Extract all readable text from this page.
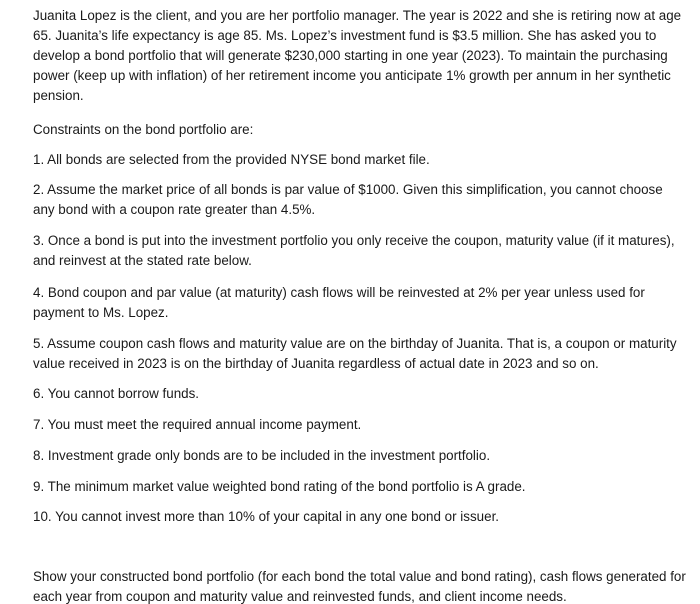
Juanita Lopez is the client, and you are her portfolio manager. The year is 2022 and she is retiring now at age 65. Juanita’s life expectancy is age 85. Ms. Lopez’s investment fund is $3.5 million. She has asked you to develop a bond portfolio that will generate $230,000 starting in one year (2023). To maintain the purchasing power (keep up with inflation) of her retirement income you anticipate 1% growth per annum in her synthetic pension.

Constraints on the bond portfolio are:

1. All bonds are selected from the provided NYSE bond market file.

2. Assume the market price of all bonds is par value of $1000. Given this simplification, you cannot choose any bond with a coupon rate greater than 4.5%.

3. Once a bond is put into the investment portfolio you only receive the coupon, maturity value (if it matures), and reinvest at the stated rate below.

4. Bond coupon and par value (at maturity) cash flows will be reinvested at 2% per year unless used for payment to Ms. Lopez.

5. Assume coupon cash flows and maturity value are on the birthday of Juanita. That is, a coupon or maturity value received in 2023 is on the birthday of Juanita regardless of actual date in 2023 and so on.

6. You cannot borrow funds.

7. You must meet the required annual income payment.

8. Investment grade only bonds are to be included in the investment portfolio.

9. The minimum market value weighted bond rating of the bond portfolio is A grade.

10. You cannot invest more than 10% of your capital in any one bond or issuer.

Show your constructed bond portfolio (for each bond the total value and bond rating), cash flows generated for each year from coupon and maturity value and reinvested funds, and client income needs.
